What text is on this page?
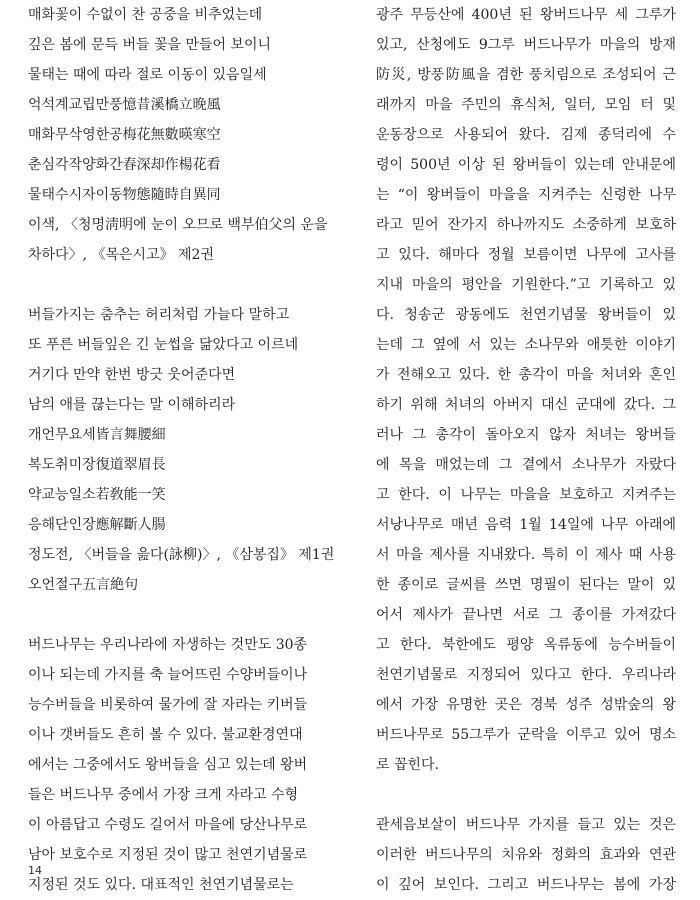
매화꽃이 수없이 찬 공중을 비추었는데
깊은 봄에 문득 버들 꽃을 만들어 보이니
물태는 때에 따라 절로 이동이 있음일세
억석계교립만풍憶昔溪橋立晚風
매화무삭영한공梅花無數暎寒空
춘심각작양화간春深却作楊花看
물태수시자이동物態隨時自異同
이색, 〈청명淸明에 눈이 오므로 백부伯父의 운을
차하다〉, 《목은시고》 제2권
버들가지는 춤추는 허리처럼 가늘다 말하고
또 푸른 버들잎은 긴 눈썹을 닮았다고 이르네
거기다 만약 한번 방긋 웃어준다면
남의 애를 끊는다는 말 이해하리라
개언무요세皆言舞腰細
복도취미장復道翠眉長
약교능일소若敎能一笑
응해단인장應解斷人腸
정도전, 〈버들을 읊다(詠柳)〉, 《삼봉집》 제1권
오언절구五言絶句
버드나무는 우리나라에 자생하는 것만도 30종
이나 되는데 가지를 축 늘어뜨린 수양버들이나
능수버들을 비롯하여 물가에 잘 자라는 키버들
이나 갯버들도 흔히 볼 수 있다. 불교환경연대
에서는 그중에서도 왕버들을 심고 있는데 왕버
들은 버드나무 중에서 가장 크게 자라고 수형
이 아름답고 수령도 길어서 마을에 당산나무로
남아 보호수로 지정된 것이 많고 천연기념물로
지정된 것도 있다. 대표적인 천연기념물로는
광주 무등산에 400년 된 왕버드나무 세 그루가
있고, 산청에도 9그루 버드나무가 마을의 방재
防災, 방풍防風을 겸한 풍치림으로 조성되어 근
래까지 마을 주민의 휴식처, 일터, 모임 터 및
운동장으로 사용되어 왔다. 김제 종덕리에 수
령이 500년 이상 된 왕버들이 있는데 안내문에
는 “이 왕버들이 마을을 지켜주는 신령한 나무
라고 믿어 잔가지 하나까지도 소중하게 보호하
고 있다. 해마다 정월 보름이면 나무에 고사를
지내 마을의 평안을 기원한다.”고 기록하고 있
다. 청송군 광동에도 천연기념물 왕버들이 있
는데 그 옆에 서 있는 소나무와 애틋한 이야기
가 전해오고 있다. 한 총각이 마을 처녀와 혼인
하기 위해 처녀의 아버지 대신 군대에 갔다. 그
러나 그 총각이 돌아오지 않자 처녀는 왕버들
에 목을 매었는데 그 곁에서 소나무가 자랐다
고 한다. 이 나무는 마을을 보호하고 지켜주는
서낭나무로 매년 음력 1월 14일에 나무 아래에
서 마을 제사를 지내왔다. 특히 이 제사 때 사용
한 종이로 글씨를 쓰면 명필이 된다는 말이 있
어서 제사가 끝나면 서로 그 종이를 가져갔다
고 한다. 북한에도 평양 옥류동에 능수버들이
천연기념물로 지정되어 있다고 한다. 우리나라
에서 가장 유명한 곳은 경북 성주 성밖숲의 왕
버드나무로 55그루가 군락을 이루고 있어 명소
로 꼽힌다.
관세음보살이 버드나무 가지를 들고 있는 것은
이러한 버드나무의 치유와 정화의 효과와 연관
이 깊어 보인다. 그리고 버드나무는 봄에 가장
14
